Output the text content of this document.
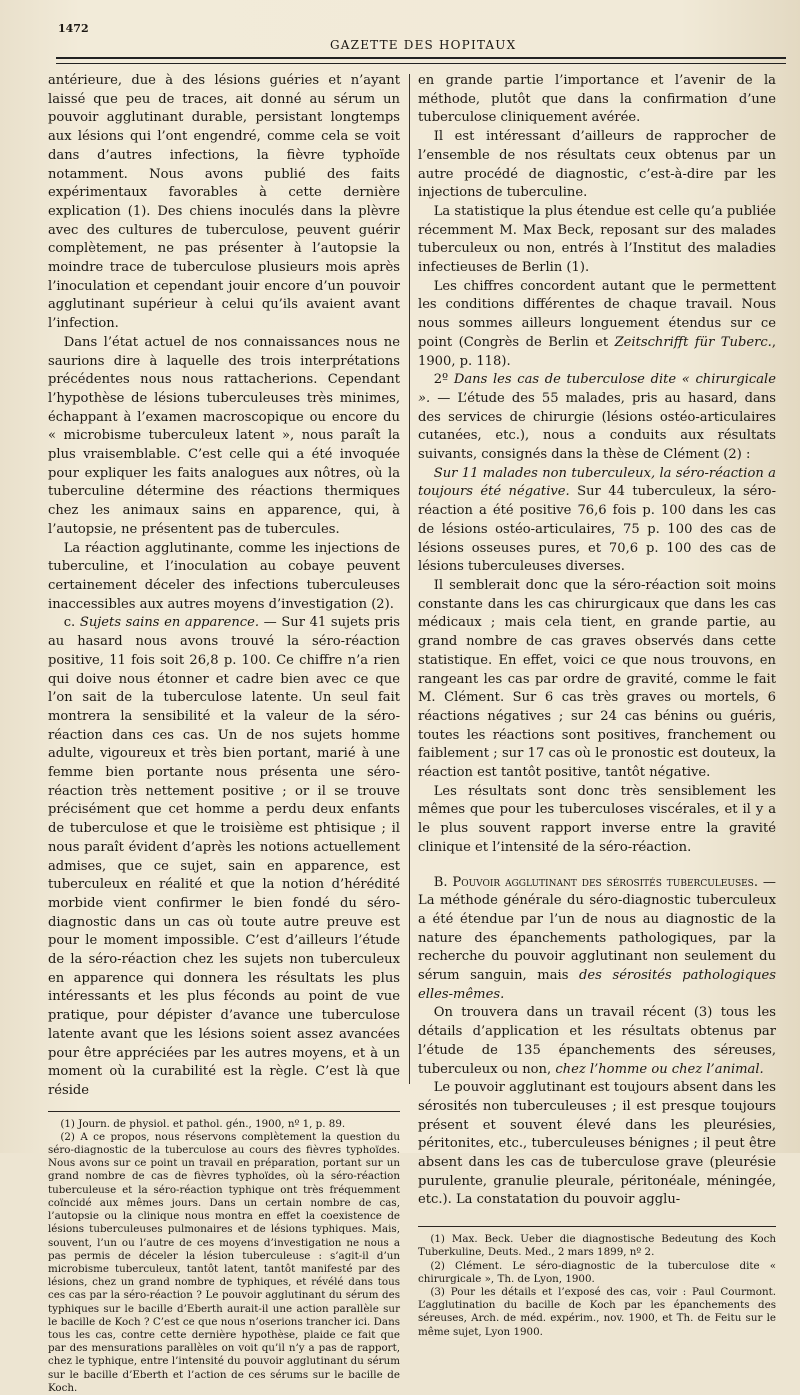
1472
GAZETTE DES HOPITAUX

antérieure, due à des lésions guéries et n’ayant laissé que peu de traces, ait donné au sérum un pouvoir agglutinant durable, persistant longtemps aux lésions qui l’ont engendré, comme cela se voit dans d’autres infections, la fièvre typhoïde notamment. Nous avons publié des faits expérimentaux favorables à cette dernière explication (1). Des chiens inoculés dans la plèvre avec des cultures de tuberculose, peuvent guérir complètement, ne pas présenter à l’autopsie la moindre trace de tuberculose plusieurs mois après l’inoculation et cependant jouir encore d’un pouvoir agglutinant supérieur à celui qu’ils avaient avant l’infection.

Dans l’état actuel de nos connaissances nous ne saurions dire à laquelle des trois interprétations précédentes nous nous rattacherions. Cependant l’hypothèse de lésions tuberculeuses très minimes, échappant à l’examen macroscopique ou encore du « microbisme tuberculeux latent », nous paraît la plus vraisemblable. C’est celle qui a été invoquée pour expliquer les faits analogues aux nôtres, où la tuberculine détermine des réactions thermiques chez les animaux sains en apparence, qui, à l’autopsie, ne présentent pas de tubercules.

La réaction agglutinante, comme les injections de tuberculine, et l’inoculation au cobaye peuvent certainement déceler des infections tuberculeuses inaccessibles aux autres moyens d’investigation (2).

c. Sujets sains en apparence. — Sur 41 sujets pris au hasard nous avons trouvé la séro-réaction positive, 11 fois soit 26,8 p. 100. Ce chiffre n’a rien qui doive nous étonner et cadre bien avec ce que l’on sait de la tuberculose latente. Un seul fait montrera la sensibilité et la valeur de la séro-réaction dans ces cas. Un de nos sujets homme adulte, vigoureux et très bien portant, marié à une femme bien portante nous présenta une séro-réaction très nettement positive ; or il se trouve précisément que cet homme a perdu deux enfants de tuberculose et que le troisième est phtisique ; il nous paraît évident d’après les notions actuellement admises, que ce sujet, sain en apparence, est tuberculeux en réalité et que la notion d’hérédité morbide vient confirmer le bien fondé du séro-diagnostic dans un cas où toute autre preuve est pour le moment impossible. C’est d’ailleurs l’étude de la séro-réaction chez les sujets non tuberculeux en apparence qui donnera les résultats les plus intéressants et les plus féconds au point de vue pratique, pour dépister d’avance une tuberculose latente avant que les lésions soient assez avancées pour être appréciées par les autres moyens, et à un moment où la curabilité est la règle. C’est là que réside

(1) Journ. de physiol. et pathol. gén., 1900, nº 1, p. 89.

(2) A ce propos, nous réservons complètement la question du séro-diagnostic de la tuberculose au cours des fièvres typhoïdes. Nous avons sur ce point un travail en préparation, portant sur un grand nombre de cas de fièvres typhoïdes, où la séro-réaction tuberculeuse et la séro-réaction typhique ont très fréquemment coïncidé aux mêmes jours. Dans un certain nombre de cas, l’autopsie ou la clinique nous montra en effet la coexistence de lésions tuberculeuses pulmonaires et de lésions typhiques. Mais, souvent, l’un ou l’autre de ces moyens d’investigation ne nous a pas permis de déceler la lésion tuberculeuse : s’agit-il d’un microbisme tuberculeux, tantôt latent, tantôt manifesté par des lésions, chez un grand nombre de typhiques, et révélé dans tous ces cas par la séro-réaction ? Le pouvoir agglutinant du sérum des typhiques sur le bacille d’Eberth aurait-il une action parallèle sur le bacille de Koch ? C’est ce que nous n’oserions trancher ici. Dans tous les cas, contre cette dernière hypothèse, plaide ce fait que par des mensurations parallèles on voit qu’il n’y a pas de rapport, chez le typhique, entre l’intensité du pouvoir agglutinant du sérum sur le bacille d’Eberth et l’action de ces sérums sur le bacille de Koch.

en grande partie l’importance et l’avenir de la méthode, plutôt que dans la confirmation d’une tuberculose cliniquement avérée.

Il est intéressant d’ailleurs de rapprocher de l’ensemble de nos résultats ceux obtenus par un autre procédé de diagnostic, c’est-à-dire par les injections de tuberculine.

La statistique la plus étendue est celle qu’a publiée récemment M. Max Beck, reposant sur des malades tuberculeux ou non, entrés à l’Institut des maladies infectieuses de Berlin (1).

Les chiffres concordent autant que le permettent les conditions différentes de chaque travail. Nous nous sommes ailleurs longuement étendus sur ce point (Congrès de Berlin et Zeitschrifft für Tuberc., 1900, p. 118).

2º Dans les cas de tuberculose dite « chirurgicale ». — L’étude des 55 malades, pris au hasard, dans des services de chirurgie (lésions ostéo-articulaires cutanées, etc.), nous a conduits aux résultats suivants, consignés dans la thèse de Clément (2) :

Sur 11 malades non tuberculeux, la séro-réaction a toujours été négative. Sur 44 tuberculeux, la séro-réaction a été positive 76,6 fois p. 100 dans les cas de lésions ostéo-articulaires, 75 p. 100 des cas de lésions osseuses pures, et 70,6 p. 100 des cas de lésions tuberculeuses diverses.

Il semblerait donc que la séro-réaction soit moins constante dans les cas chirurgicaux que dans les cas médicaux ; mais cela tient, en grande partie, au grand nombre de cas graves observés dans cette statistique. En effet, voici ce que nous trouvons, en rangeant les cas par ordre de gravité, comme le fait M. Clément. Sur 6 cas très graves ou mortels, 6 réactions négatives ; sur 24 cas bénins ou guéris, toutes les réactions sont positives, franchement ou faiblement ; sur 17 cas où le pronostic est douteux, la réaction est tantôt positive, tantôt négative.

Les résultats sont donc très sensiblement les mêmes que pour les tuberculoses viscérales, et il y a le plus souvent rapport inverse entre la gravité clinique et l’intensité de la séro-réaction.

B. Pouvoir agglutinant des sérosités tuberculeuses. — La méthode générale du séro-diagnostic tuberculeux a été étendue par l’un de nous au diagnostic de la nature des épanchements pathologiques, par la recherche du pouvoir agglutinant non seulement du sérum sanguin, mais des sérosités pathologiques elles-mêmes.

On trouvera dans un travail récent (3) tous les détails d’application et les résultats obtenus par l’étude de 135 épanchements des séreuses, tuberculeux ou non, chez l’homme ou chez l’animal.

Le pouvoir agglutinant est toujours absent dans les sérosités non tuberculeuses ; il est presque toujours présent et souvent élevé dans les pleurésies, péritonites, etc., tuberculeuses bénignes ; il peut être absent dans les cas de tuberculose grave (pleurésie purulente, granulie pleurale, péritonéale, méningée, etc.). La constatation du pouvoir agglu-

(1) Max. Beck. Ueber die diagnostische Bedeutung des Koch Tuberkuline, Deuts. Med., 2 mars 1899, nº 2.

(2) Clément. Le séro-diagnostic de la tuberculose dite « chirurgicale », Th. de Lyon, 1900.

(3) Pour les détails et l’exposé des cas, voir : Paul Courmont. L’agglutination du bacille de Koch par les épanchements des séreuses, Arch. de méd. expérim., nov. 1900, et Th. de Feitu sur le même sujet, Lyon 1900.
